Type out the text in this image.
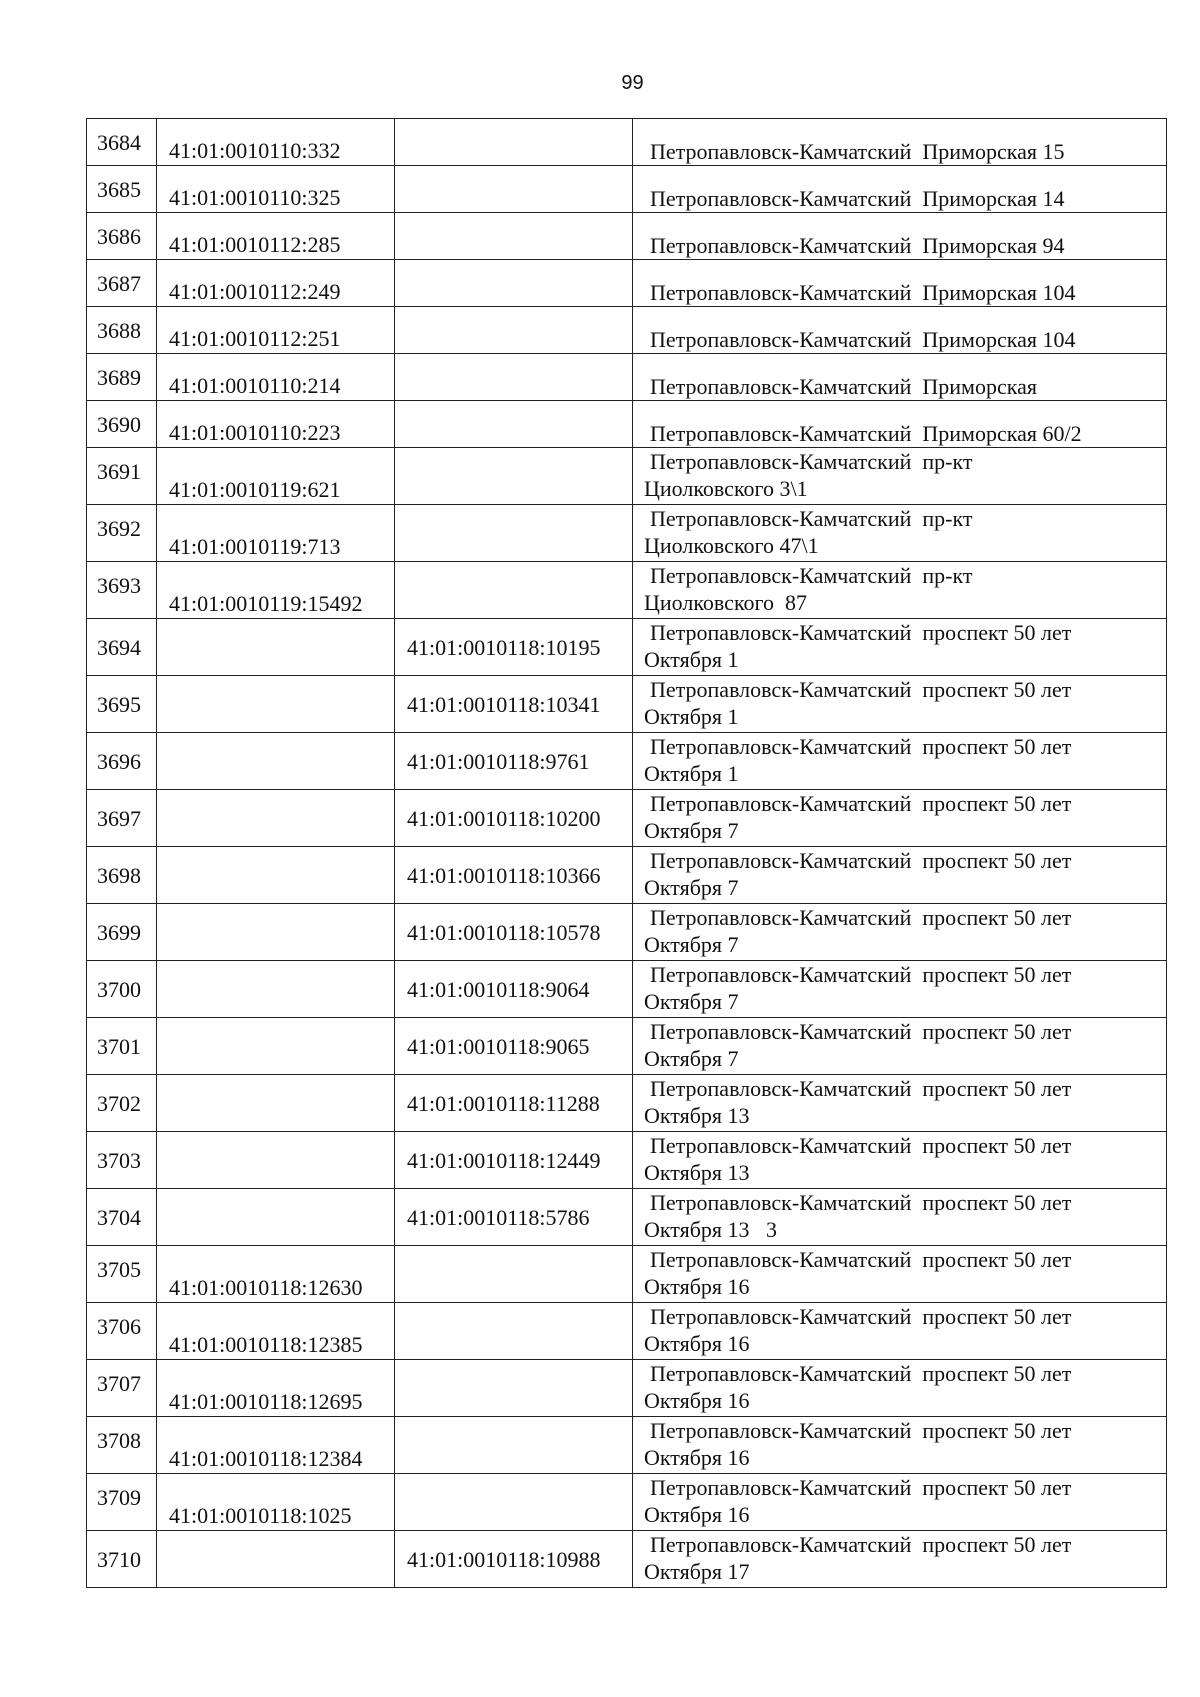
99
3684	41:01:0010110:332		Петропавловск-Камчатский  Приморская 15

3685	41:01:0010110:325		Петропавловск-Камчатский  Приморская 14

3686	41:01:0010112:285		Петропавловск-Камчатский  Приморская 94

3687	41:01:0010112:249		Петропавловск-Камчатский  Приморская 104

3688	41:01:0010112:251		Петропавловск-Камчатский  Приморская 104

3689	41:01:0010110:214		Петропавловск-Камчатский  Приморская

3690	41:01:0010110:223		Петропавловск-Камчатский  Приморская 60/2

3691	41:01:0010119:621		Петропавловск-Камчатский  пр-кт
Циолковского 3\1

3692	41:01:0010119:713		Петропавловск-Камчатский  пр-кт
Циолковского 47\1

3693	41:01:0010119:15492		Петропавловск-Камчатский  пр-кт
Циолковского  87

3694		41:01:0010118:10195	Петропавловск-Камчатский  проспект 50 лет
Октября 1

3695		41:01:0010118:10341	Петропавловск-Камчатский  проспект 50 лет
Октября 1

3696		41:01:0010118:9761	Петропавловск-Камчатский  проспект 50 лет
Октября 1

3697		41:01:0010118:10200	Петропавловск-Камчатский  проспект 50 лет
Октября 7

3698		41:01:0010118:10366	Петропавловск-Камчатский  проспект 50 лет
Октября 7

3699		41:01:0010118:10578	Петропавловск-Камчатский  проспект 50 лет
Октября 7

3700		41:01:0010118:9064	Петропавловск-Камчатский  проспект 50 лет
Октября 7

3701		41:01:0010118:9065	Петропавловск-Камчатский  проспект 50 лет
Октября 7

3702		41:01:0010118:11288	Петропавловск-Камчатский  проспект 50 лет
Октября 13

3703		41:01:0010118:12449	Петропавловск-Камчатский  проспект 50 лет
Октября 13

3704		41:01:0010118:5786	Петропавловск-Камчатский  проспект 50 лет
Октября 13   3

3705	41:01:0010118:12630		Петропавловск-Камчатский  проспект 50 лет
Октября 16

3706	41:01:0010118:12385		Петропавловск-Камчатский  проспект 50 лет
Октября 16

3707	41:01:0010118:12695		Петропавловск-Камчатский  проспект 50 лет
Октября 16

3708	41:01:0010118:12384		Петропавловск-Камчатский  проспект 50 лет
Октября 16

3709	41:01:0010118:1025		Петропавловск-Камчатский  проспект 50 лет
Октября 16

3710		41:01:0010118:10988	Петропавловск-Камчатский  проспект 50 лет
Октября 17
